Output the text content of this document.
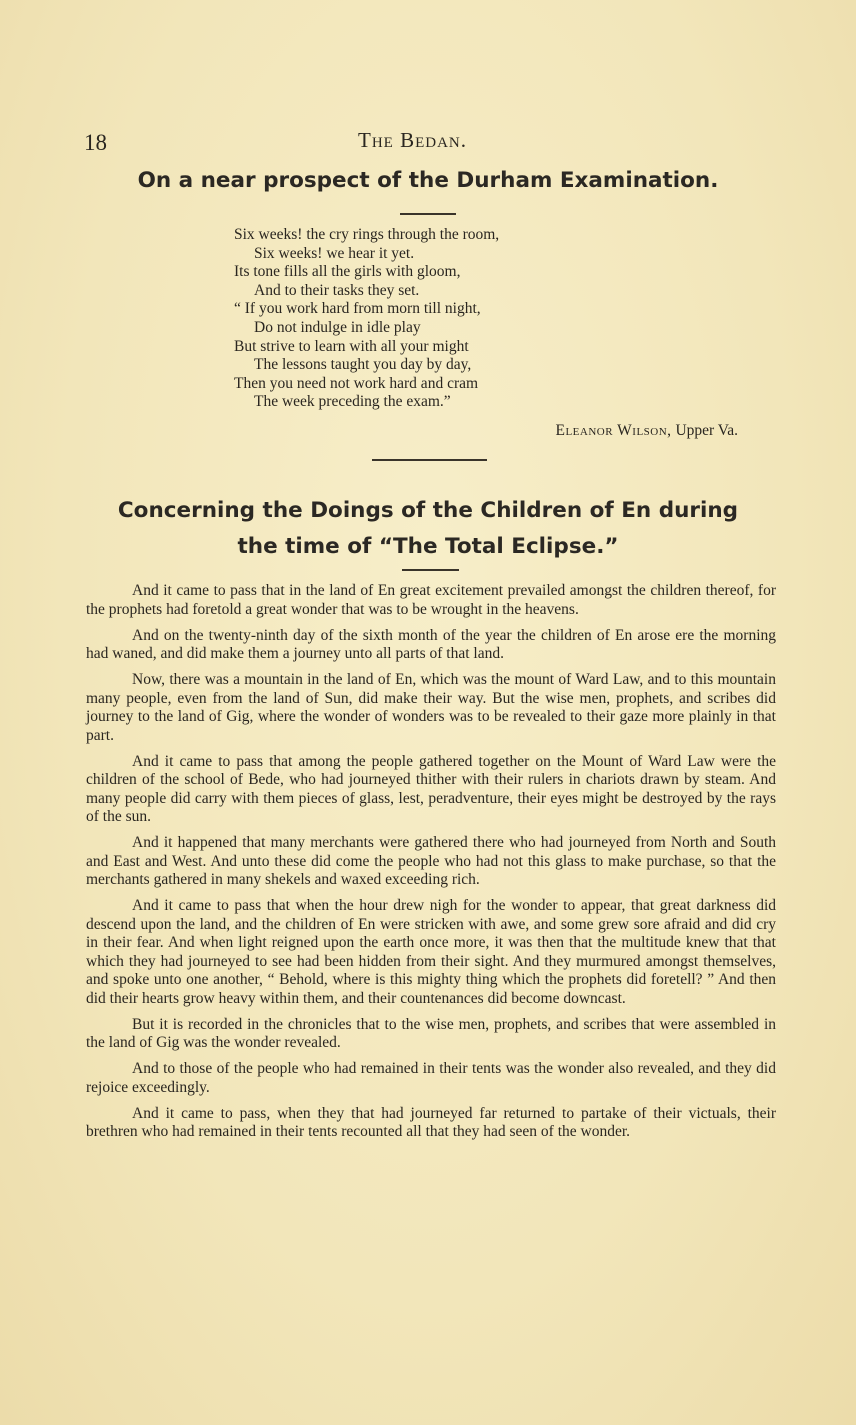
18	The Bedan.
On a near prospect of the Durham Examination.
Six weeks! the cry rings through the room,
Six weeks! we hear it yet.
Its tone fills all the girls with gloom,
And to their tasks they set.
“ If you work hard from morn till night,
Do not indulge in idle play
But strive to learn with all your might
The lessons taught you day by day,
Then you need not work hard and cram
The week preceding the exam.”
Eleanor Wilson, Upper Va.
Concerning the Doings of the Children of En during
the time of “The Total Eclipse.”

And it came to pass that in the land of En great excitement prevailed amongst the children thereof, for the prophets had foretold a great wonder that was to be wrought in the heavens.

And on the twenty-ninth day of the sixth month of the year the children of En arose ere the morning had waned, and did make them a journey unto all parts of that land.

Now, there was a mountain in the land of En, which was the mount of Ward Law, and to this mountain many people, even from the land of Sun, did make their way. But the wise men, prophets, and scribes did journey to the land of Gig, where the wonder of wonders was to be revealed to their gaze more plainly in that part.

And it came to pass that among the people gathered together on the Mount of Ward Law were the children of the school of Bede, who had journeyed thither with their rulers in chariots drawn by steam. And many people did carry with them pieces of glass, lest, peradventure, their eyes might be destroyed by the rays of the sun.

And it happened that many merchants were gathered there who had journeyed from North and South and East and West. And unto these did come the people who had not this glass to make purchase, so that the merchants gathered in many shekels and waxed exceeding rich.

And it came to pass that when the hour drew nigh for the wonder to appear, that great darkness did descend upon the land, and the children of En were stricken with awe, and some grew sore afraid and did cry in their fear. And when light reigned upon the earth once more, it was then that the multitude knew that that which they had journeyed to see had been hidden from their sight. And they murmured amongst themselves, and spoke unto one another, “ Behold, where is this mighty thing which the prophets did foretell? ” And then did their hearts grow heavy within them, and their countenances did become downcast.

But it is recorded in the chronicles that to the wise men, prophets, and scribes that were assembled in the land of Gig was the wonder revealed.

And to those of the people who had remained in their tents was the wonder also revealed, and they did rejoice exceedingly.

And it came to pass, when they that had journeyed far returned to partake of their victuals, their brethren who had remained in their tents recounted all that they had seen of the wonder.
